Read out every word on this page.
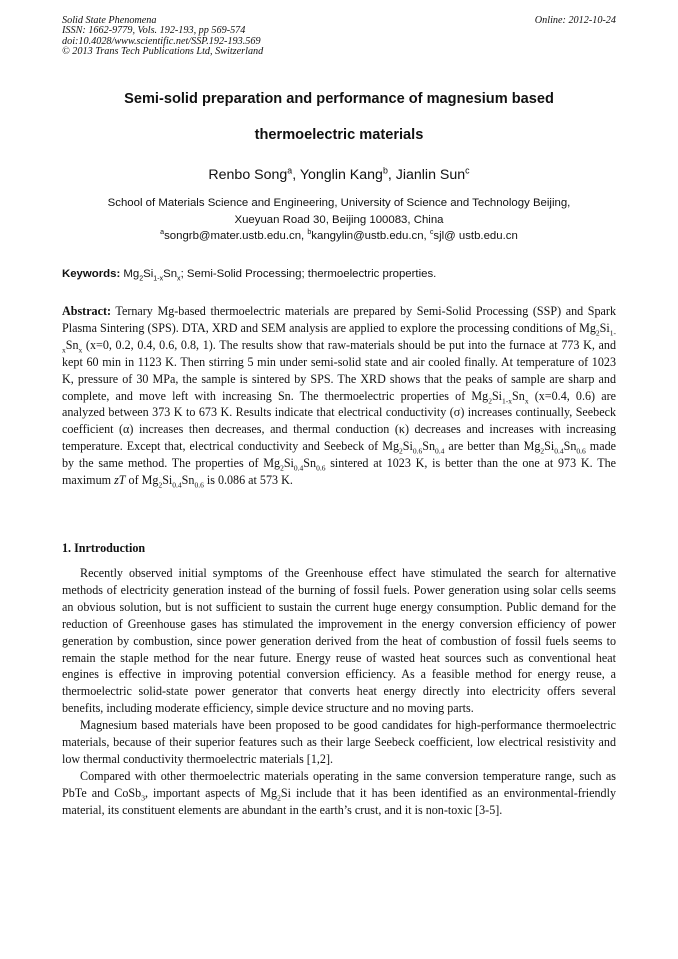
Solid State Phenomena
ISSN: 1662-9779, Vols. 192-193, pp 569-574
doi:10.4028/www.scientific.net/SSP.192-193.569
© 2013 Trans Tech Publications Ltd, Switzerland
Online: 2012-10-24
Semi-solid preparation and performance of magnesium based
thermoelectric materials
Renbo Song$^a$, Yonglin Kang$^b$, Jianlin Sun$^c$
School of Materials Science and Engineering, University of Science and Technology Beijing,
Xueyuan Road 30, Beijing 100083, China
$^a$songrb@mater.ustb.edu.cn, $^b$kangylin@ustb.edu.cn, $^c$sjl@ ustb.edu.cn
Keywords: $Mg_2Si_{1-x}Sn_x$; Semi-Solid Processing; thermoelectric properties.
Abstract: Ternary Mg-based thermoelectric materials are prepared by Semi-Solid Processing (SSP) and Spark Plasma Sintering (SPS). DTA, XRD and SEM analysis are applied to explore the processing conditions of $Mg_2Si_{1-x}Sn_x$ (x=0, 0.2, 0.4, 0.6, 0.8, 1). The results show that raw-materials should be put into the furnace at 773 K, and kept 60 min in 1123 K. Then stirring 5 min under semi-solid state and air cooled finally. At temperature of 1023 K, pressure of 30 MPa, the sample is sintered by SPS. The XRD shows that the peaks of sample are sharp and complete, and move left with increasing Sn. The thermoelectric properties of $Mg_2Si_{1-x}Sn_x$ (x=0.4, 0.6) are analyzed between 373 K to 673 K. Results indicate that electrical conductivity (σ) increases continually, Seebeck coefficient (α) increases then decreases, and thermal conduction (κ) decreases and increases with increasing temperature. Except that, electrical conductivity and Seebeck of $Mg_2Si_{0.6}Sn_{0.4}$ are better than $Mg_2Si_{0.4}Sn_{0.6}$ made by the same method. The properties of $Mg_2Si_{0.4}Sn_{0.6}$ sintered at 1023 K, is better than the one at 973 K. The maximum zT of $Mg_2Si_{0.4}Sn_{0.6}$ is 0.086 at 573 K.
1. Inrtroduction

Recently observed initial symptoms of the Greenhouse effect have stimulated the search for alternative methods of electricity generation instead of the burning of fossil fuels. Power generation using solar cells seems an obvious solution, but is not sufficient to sustain the current huge energy consumption. Public demand for the reduction of Greenhouse gases has stimulated the improvement in the energy conversion efficiency of power generation by combustion, since power generation derived from the heat of combustion of fossil fuels seems to remain the staple method for the near future. Energy reuse of wasted heat sources such as conventional heat engines is effective in improving potential conversion efficiency. As a feasible method for energy reuse, a thermoelectric solid-state power generator that converts heat energy directly into electricity offers several benefits, including moderate efficiency, simple device structure and no moving parts.

Magnesium based materials have been proposed to be good candidates for high-performance thermoelectric materials, because of their superior features such as their large Seebeck coefficient, low electrical resistivity and low thermal conductivity thermoelectric materials [1,2].

Compared with other thermoelectric materials operating in the same conversion temperature range, such as PbTe and CoSb$_3$, important aspects of $Mg_2Si$ include that it has been identified as an environmental-friendly material, its constituent elements are abundant in the earth’s crust, and it is non-toxic [3-5].
